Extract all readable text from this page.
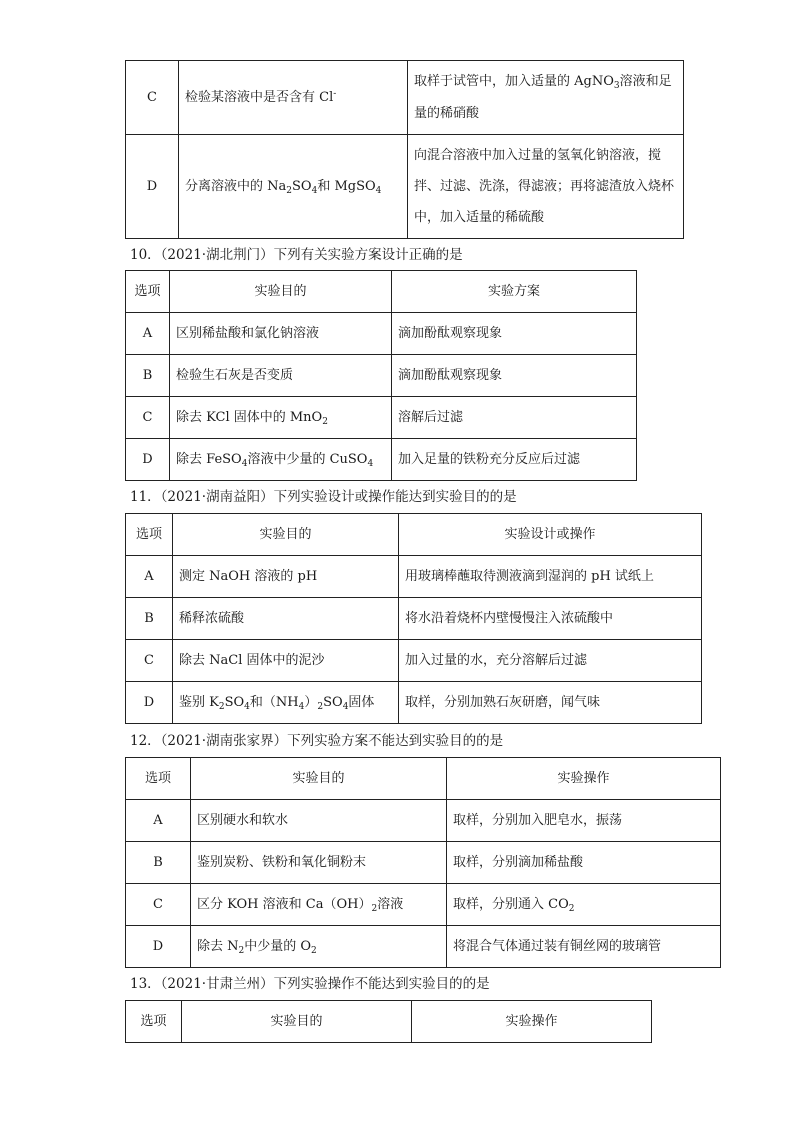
C	检验某溶液中是否含有 Cl-	取样于试管中，加入适量的 AgNO$_3$溶液和足量的稀硝酸
D	分离溶液中的 $Na_2SO_4$和 MgSO$_4$	向混合溶液中加入过量的氢氧化钠溶液，搅拌、过滤、洗涤，得滤液；再将滤渣放入烧杯中，加入适量的稀硫酸
10．（2021·湖北荆门）下列有关实验方案设计正确的是
选项	实验目的	实验方案
A	区别稀盐酸和氯化钠溶液	滴加酚酞观察现象
B	检验生石灰是否变质	滴加酚酞观察现象
C	除去 KCl 固体中的 MnO$_2$	溶解后过滤
D	除去 FeSO$_4$溶液中少量的 CuSO$_4$	加入足量的铁粉充分反应后过滤
11．（2021·湖南益阳）下列实验设计或操作能达到实验目的的是
选项	实验目的	实验设计或操作
A	测定 NaOH 溶液的 pH	用玻璃棒蘸取待测液滴到湿润的 pH 试纸上
B	稀释浓硫酸	将水沿着烧杯内壁慢慢注入浓硫酸中
C	除去 NaCl 固体中的泥沙	加入过量的水，充分溶解后过滤
D	鉴别 $K_2SO_4$和$(NH_4)_2SO_4$固体	取样，分别加熟石灰研磨，闻气味
12．（2021·湖南张家界）下列实验方案不能达到实验目的的是
选项	实验目的	实验操作
A	区别硬水和软水	取样，分别加入肥皂水，振荡
B	鉴别炭粉、铁粉和氧化铜粉末	取样，分别滴加稀盐酸
C	区分 KOH 溶液和 $Ca(OH)_2$溶液	取样，分别通入 $CO_2$
D	除去 $N_2$中少量的 $O_2$	将混合气体通过装有铜丝网的玻璃管
13．（2021·甘肃兰州）下列实验操作不能达到实验目的的是
选项	实验目的	实验操作
